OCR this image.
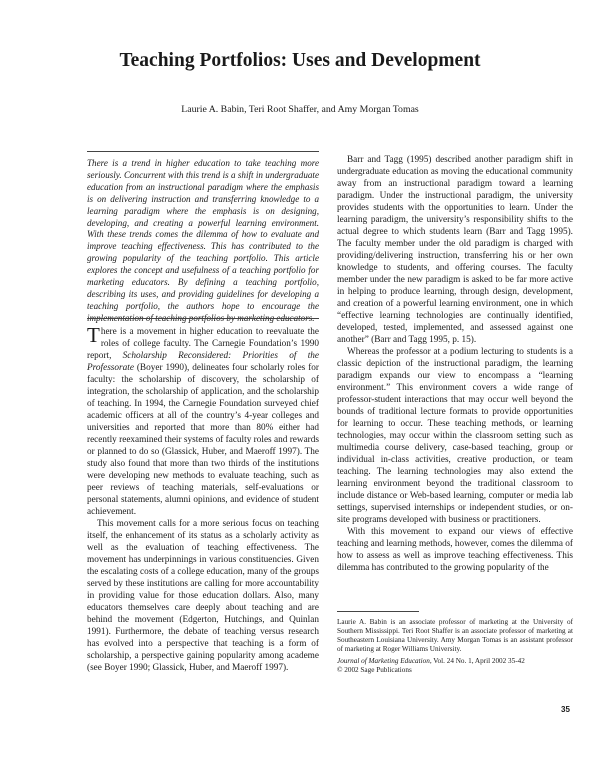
Teaching Portfolios: Uses and Development
Laurie A. Babin, Teri Root Shaffer, and Amy Morgan Tomas

There is a trend in higher education to take teaching more seriously. Concurrent with this trend is a shift in undergraduate education from an instructional paradigm where the emphasis is on delivering instruction and transferring knowledge to a learning paradigm where the emphasis is on designing, developing, and creating a powerful learning environment. With these trends comes the dilemma of how to evaluate and improve teaching effectiveness. This has contributed to the growing popularity of the teaching portfolio. This article explores the concept and usefulness of a teaching portfolio for marketing educators. By defining a teaching portfolio, describing its uses, and providing guidelines for developing a teaching portfolio, the authors hope to encourage the implementation of teaching portfolios by marketing educators.

There is a movement in higher education to reevaluate the roles of college faculty. The Carnegie Foundation’s 1990 report, Scholarship Reconsidered: Priorities of the Professorate (Boyer 1990), delineates four scholarly roles for faculty: the scholarship of discovery, the scholarship of integration, the scholarship of application, and the scholarship of teaching. In 1994, the Carnegie Foundation surveyed chief academic officers at all of the country’s 4-year colleges and universities and reported that more than 80% either had recently reexamined their systems of faculty roles and rewards or planned to do so (Glassick, Huber, and Maeroff 1997). The study also found that more than two thirds of the institutions were developing new methods to evaluate teaching, such as peer reviews of teaching materials, self-evaluations or personal statements, alumni opinions, and evidence of student achievement.

This movement calls for a more serious focus on teaching itself, the enhancement of its status as a scholarly activity as well as the evaluation of teaching effectiveness. The movement has underpinnings in various constituencies. Given the escalating costs of a college education, many of the groups served by these institutions are calling for more accountability in providing value for those education dollars. Also, many educators themselves care deeply about teaching and are behind the movement (Edgerton, Hutchings, and Quinlan 1991). Furthermore, the debate of teaching versus research has evolved into a perspective that teaching is a form of scholarship, a perspective gaining popularity among academe (see Boyer 1990; Glassick, Huber, and Maeroff 1997).

Barr and Tagg (1995) described another paradigm shift in undergraduate education as moving the educational community away from an instructional paradigm toward a learning paradigm. Under the instructional paradigm, the university provides students with the opportunities to learn. Under the learning paradigm, the university’s responsibility shifts to the actual degree to which students learn (Barr and Tagg 1995). The faculty member under the old paradigm is charged with providing/delivering instruction, transferring his or her own knowledge to students, and offering courses. The faculty member under the new paradigm is asked to be far more active in helping to produce learning, through design, development, and creation of a powerful learning environment, one in which “effective learning technologies are continually identified, developed, tested, implemented, and assessed against one another” (Barr and Tagg 1995, p. 15).

Whereas the professor at a podium lecturing to students is a classic depiction of the instructional paradigm, the learning paradigm expands our view to encompass a “learning environment.” This environment covers a wide range of professor-student interactions that may occur well beyond the bounds of traditional lecture formats to provide opportunities for learning to occur. These teaching methods, or learning technologies, may occur within the classroom setting such as multimedia course delivery, case-based teaching, group or individual in-class activities, creative production, or team teaching. The learning technologies may also extend the learning environment beyond the traditional classroom to include distance or Web-based learning, computer or media lab settings, supervised internships or independent studies, or on-site programs developed with business or practitioners.

With this movement to expand our views of effective teaching and learning methods, however, comes the dilemma of how to assess as well as improve teaching effectiveness. This dilemma has contributed to the growing popularity of the

Laurie A. Babin is an associate professor of marketing at the University of Southern Mississippi. Teri Root Shaffer is an associate professor of marketing at Southeastern Louisiana University. Amy Morgan Tomas is an assistant professor of marketing at Roger Williams University.

Journal of Marketing Education, Vol. 24 No. 1, April 2002 35-42

© 2002 Sage Publications

35
